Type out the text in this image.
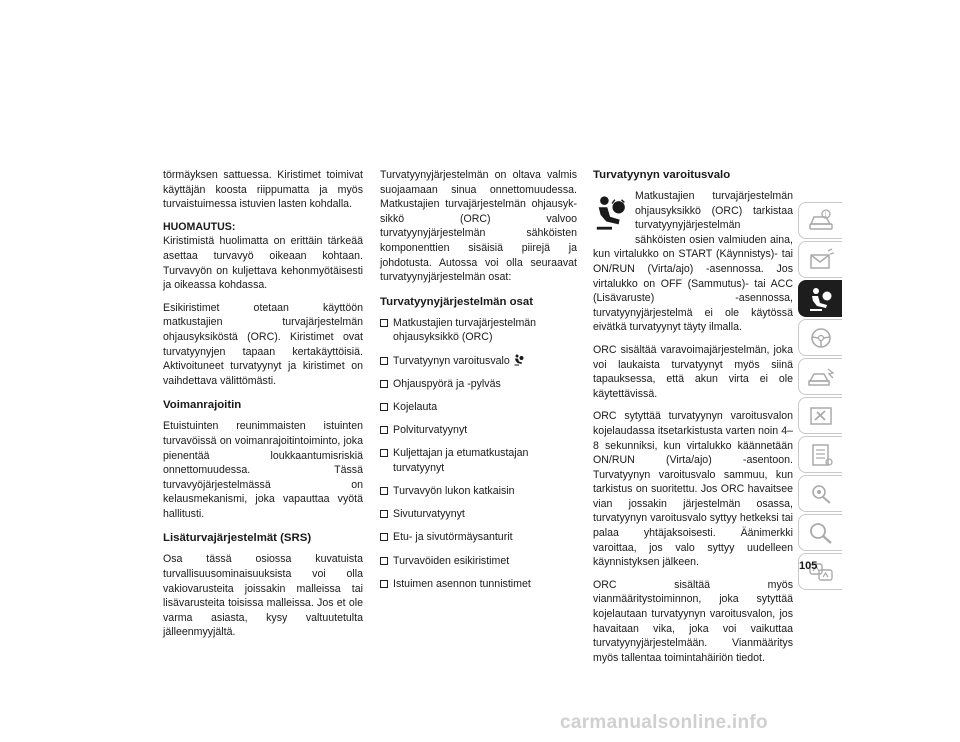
törmäyksen sattuessa. Kiristimet toimivat käyttäjän koosta riippumatta ja myös turvaistuimessa istuvien lasten kohdalla.

HUOMAUTUS:

Kiristimistä huolimatta on erittäin tärkeää asettaa turvavyö oikeaan kohtaan. Turvavyön on kuljettava kehonmyötäisesti ja oikeassa kohdassa.

Esikiristimet otetaan käyttöön matkustajien turvajärjestelmän ohjausyksiköstä (ORC). Kiristimet ovat turvatyynyjen tapaan kertakäyttöisiä. Aktivoituneet turvatyynyt ja kiristimet on vaihdettava välittömästi.

Voimanrajoitin

Etuistuinten reunimmaisten istuinten turvavöissä on voimanrajoitintoiminto, joka pienentää loukkaantumisriskiä onnettomuudessa. Tässä turvavyöjärjestelmässä on kelausmekanismi, joka vapauttaa vyötä hallitusti.

Lisäturvajärjestelmät (SRS)

Osa tässä osiossa kuvatuista turvallisuusominaisuuksista voi olla vakiovarusteita joissakin malleissa tai lisävarusteita toisissa malleissa. Jos et ole varma asiasta, kysy valtuutetulta jälleenmyyjältä.

Turvatyynyjärjestelmän on oltava valmis suojaamaan sinua onnettomuudessa. Matkustajien turvajärjestelmän ohjausyksikkö (ORC) valvoo turvatyynyjärjestelmän sähköisten komponenttien sisäisiä piirejä ja johdotusta. Autossa voi olla seuraavat turvatyynyjärjestelmän osat:

Turvatyynyjärjestelmän osat
Matkustajien turvajärjestelmän ohjausyksikkö (ORC)
Turvatyynyn varoitusvalo
Ohjauspyörä ja -pylväs
Kojelauta
Polviturvatyynyt
Kuljettajan ja etumatkustajan turvatyynyt
Turvavyön lukon katkaisin
Sivuturvatyynyt
Etu- ja sivutörmäysanturit
Turvavöiden esikiristimet
Istuimen asennon tunnistimet
Turvatyynyn varoitusvalo

Matkustajien turvajärjestelmän ohjausyksikkö (ORC) tarkistaa turvatyynyjärjestelmän sähköisten osien valmiuden aina, kun virtalukko on START (Käynnistys)- tai ON/RUN (Virta/ajo) -asennossa. Jos virtalukko on OFF (Sammutus)- tai ACC (Lisävaruste) -asennossa, turvatyynyjärjestelmä ei ole käytössä eivätkä turvatyynyt täyty ilmalla.

ORC sisältää varavoimajärjestelmän, joka voi laukaista turvatyynyt myös siinä tapauksessa, että akun virta ei ole käytettävissä.

ORC sytyttää turvatyynyn varoitusvalon kojelaudassa itsetarkistusta varten noin 4–8 sekunniksi, kun virtalukko käännetään ON/RUN (Virta/ajo) -asentoon. Turvatyynyn varoitusvalo sammuu, kun tarkistus on suoritettu. Jos ORC havaitsee vian jossakin järjestelmän osassa, turvatyynyn varoitusvalo syttyy hetkeksi tai palaa yhtäjaksoisesti. Äänimerkki varoittaa, jos valo syttyy uudelleen käynnistyksen jälkeen.

ORC sisältää myös vianmääritystoiminnon, joka sytyttää kojelautaan turvatyynyn varoitusvalon, jos havaitaan vika, joka voi vaikuttaa turvatyynyjärjestelmään. Vianmääritys myös tallentaa toimintahäiriön tiedot.

i
105
carmanualsonline.info
